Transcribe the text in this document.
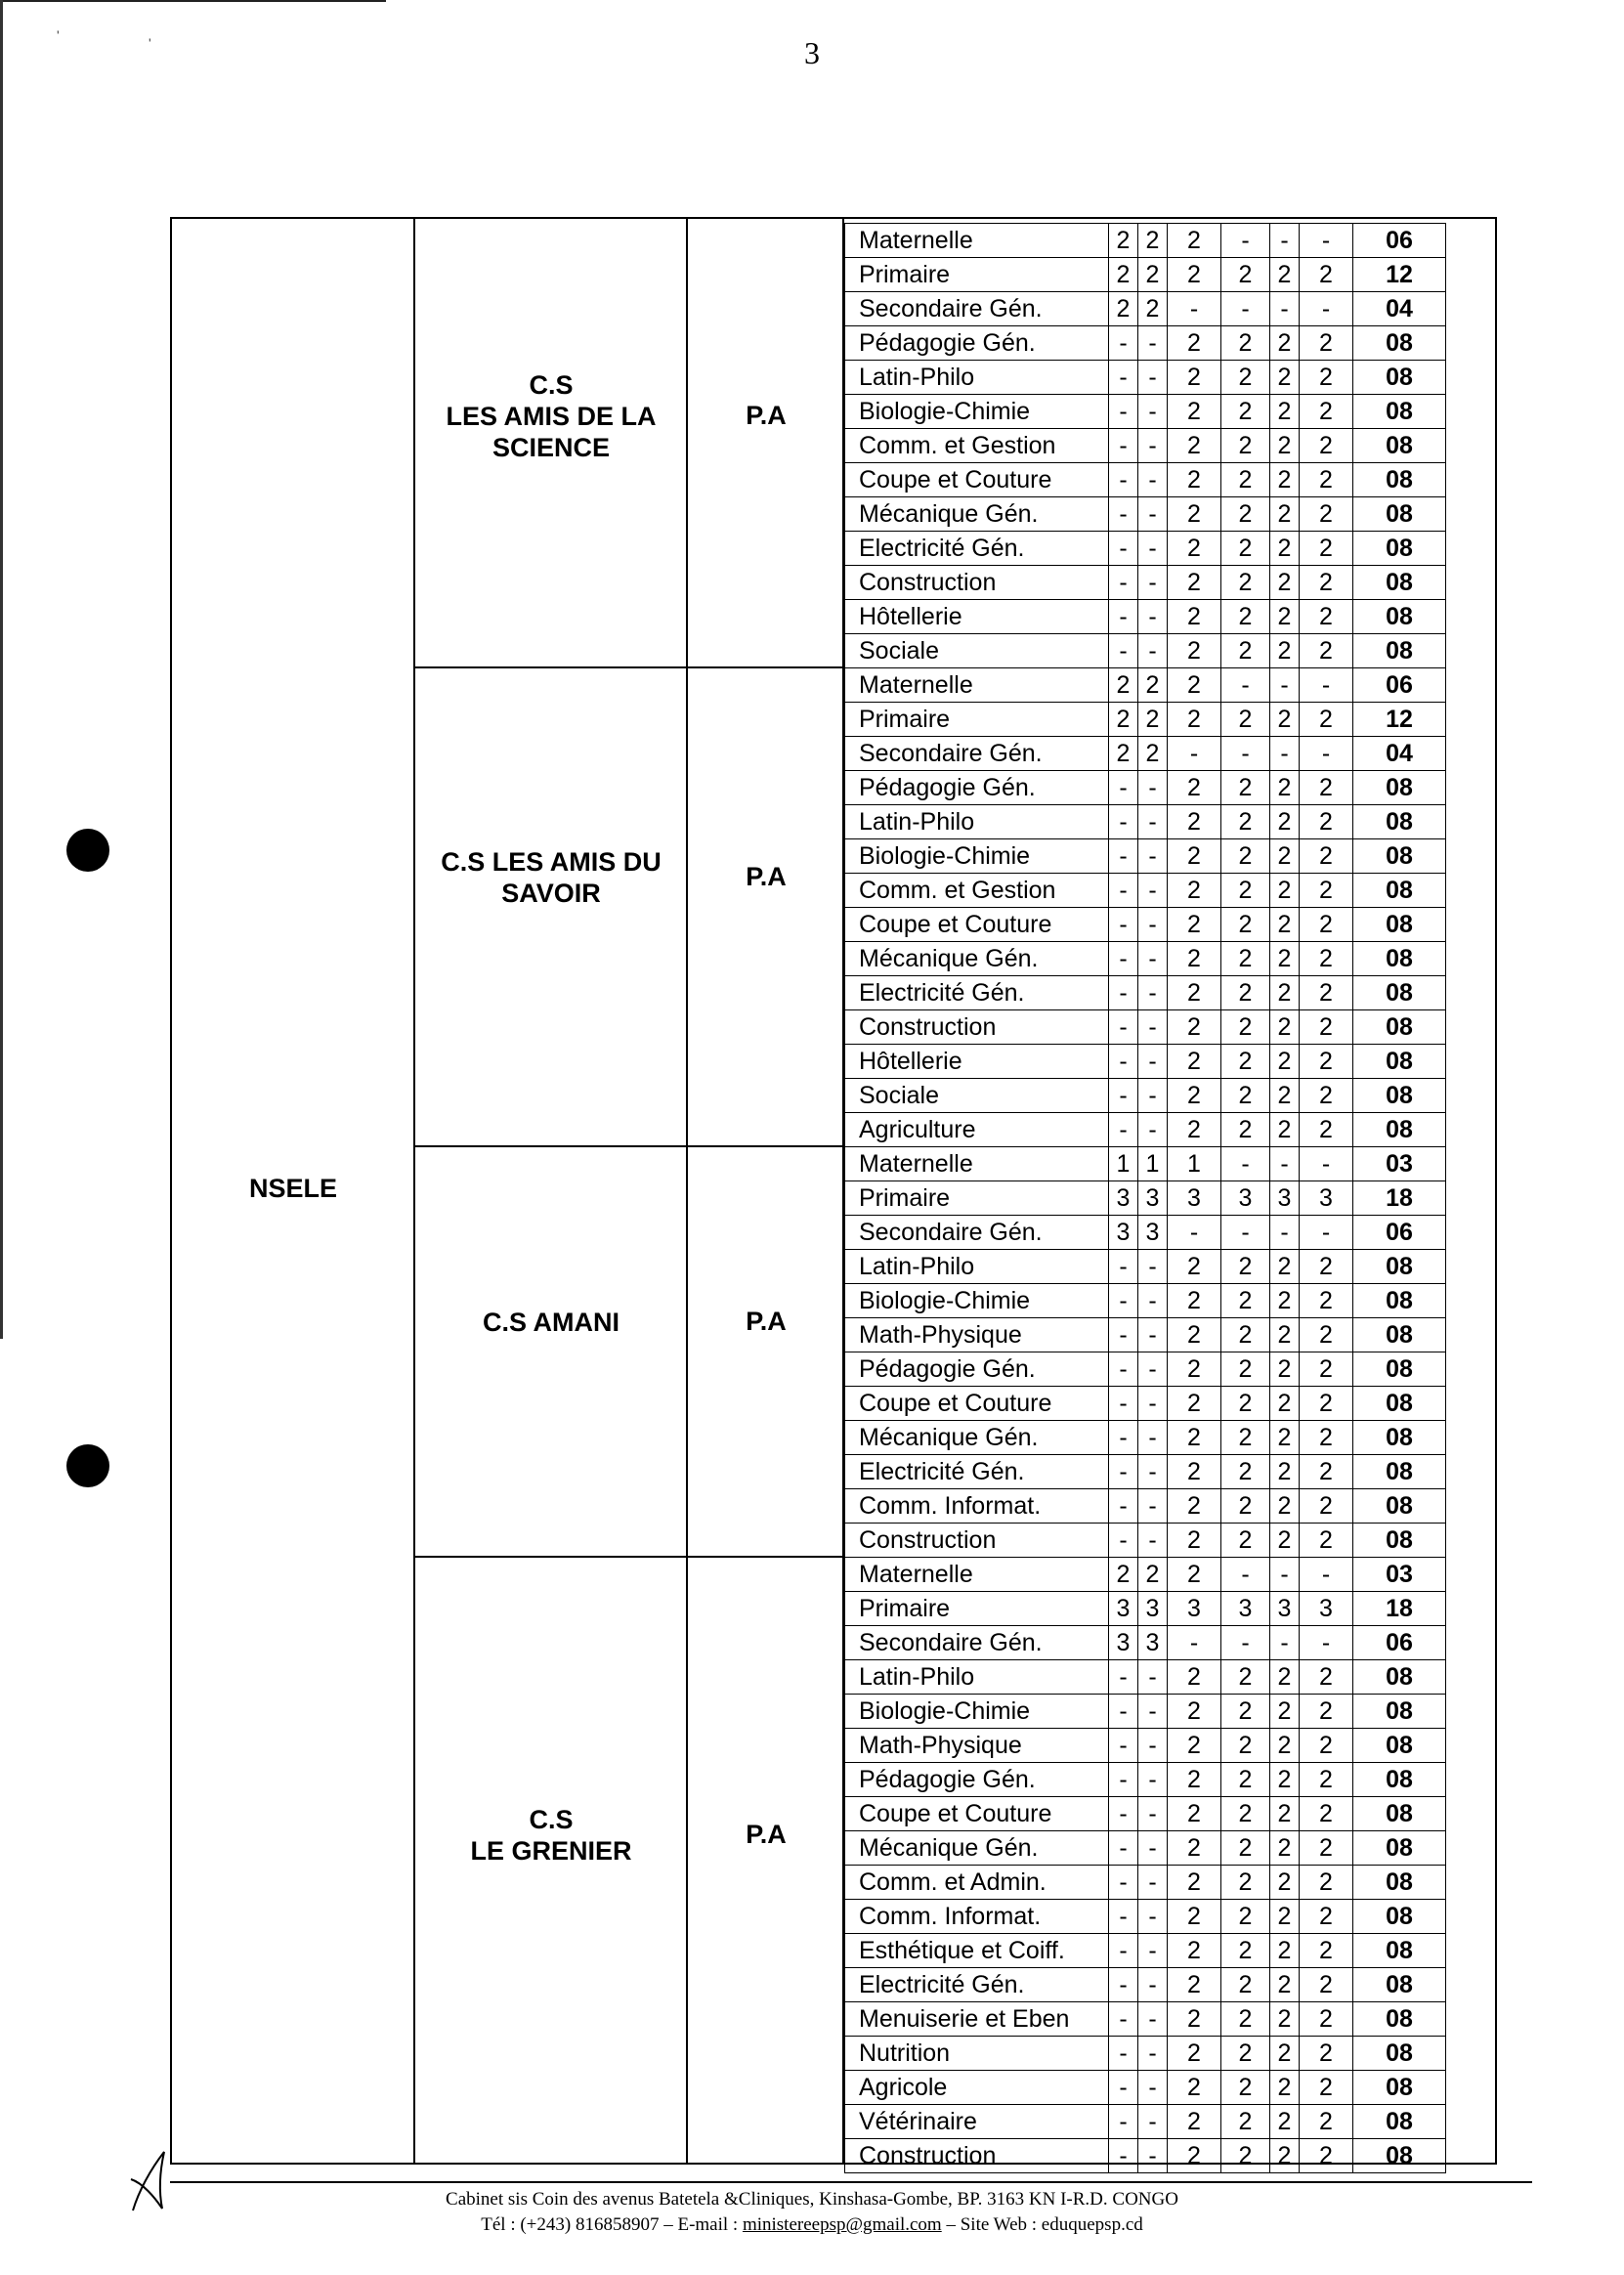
'	'	3
NSELE
C.S
LES AMIS DE LA
SCIENCE
P.A
Maternelle	2	2	2	-	-	-	06
Primaire	2	2	2	2	2	2	12
Secondaire Gén.	2	2	-	-	-	-	04
Pédagogie Gén.	-	-	2	2	2	2	08
Latin-Philo	-	-	2	2	2	2	08
Biologie-Chimie	-	-	2	2	2	2	08
Comm. et Gestion	-	-	2	2	2	2	08
Coupe et Couture	-	-	2	2	2	2	08
Mécanique Gén.	-	-	2	2	2	2	08
Electricité Gén.	-	-	2	2	2	2	08
Construction	-	-	2	2	2	2	08
Hôtellerie	-	-	2	2	2	2	08
Sociale	-	-	2	2	2	2	08
C.S LES AMIS DU
SAVOIR
P.A
Maternelle	2	2	2	-	-	-	06
Primaire	2	2	2	2	2	2	12
Secondaire Gén.	2	2	-	-	-	-	04
Pédagogie Gén.	-	-	2	2	2	2	08
Latin-Philo	-	-	2	2	2	2	08
Biologie-Chimie	-	-	2	2	2	2	08
Comm. et Gestion	-	-	2	2	2	2	08
Coupe et Couture	-	-	2	2	2	2	08
Mécanique Gén.	-	-	2	2	2	2	08
Electricité Gén.	-	-	2	2	2	2	08
Construction	-	-	2	2	2	2	08
Hôtellerie	-	-	2	2	2	2	08
Sociale	-	-	2	2	2	2	08
Agriculture	-	-	2	2	2	2	08
C.S AMANI	P.A
Maternelle	1	1	1	-	-	-	03
Primaire	3	3	3	3	3	3	18
Secondaire Gén.	3	3	-	-	-	-	06
Latin-Philo	-	-	2	2	2	2	08
Biologie-Chimie	-	-	2	2	2	2	08
Math-Physique	-	-	2	2	2	2	08
Pédagogie Gén.	-	-	2	2	2	2	08
Coupe et Couture	-	-	2	2	2	2	08
Mécanique Gén.	-	-	2	2	2	2	08
Electricité Gén.	-	-	2	2	2	2	08
Comm. Informat.	-	-	2	2	2	2	08
Construction	-	-	2	2	2	2	08
C.S
LE GRENIER
P.A
Maternelle	2	2	2	-	-	-	03
Primaire	3	3	3	3	3	3	18
Secondaire Gén.	3	3	-	-	-	-	06
Latin-Philo	-	-	2	2	2	2	08
Biologie-Chimie	-	-	2	2	2	2	08
Math-Physique	-	-	2	2	2	2	08
Pédagogie Gén.	-	-	2	2	2	2	08
Coupe et Couture	-	-	2	2	2	2	08
Mécanique Gén.	-	-	2	2	2	2	08
Comm. et Admin.	-	-	2	2	2	2	08
Comm. Informat.	-	-	2	2	2	2	08
Esthétique et Coiff.	-	-	2	2	2	2	08
Electricité Gén.	-	-	2	2	2	2	08
Menuiserie et Eben	-	-	2	2	2	2	08
Nutrition	-	-	2	2	2	2	08
Agricole	-	-	2	2	2	2	08
Vétérinaire	-	-	2	2	2	2	08
Construction	-	-	2	2	2	2	08
Cabinet sis Coin des avenus Batetela &Cliniques, Kinshasa-Gombe, BP. 3163 KN I-R.D. CONGO
Tél : (+243) 816858907 – E-mail : ministereepsp@gmail.com – Site Web : eduquepsp.cd
